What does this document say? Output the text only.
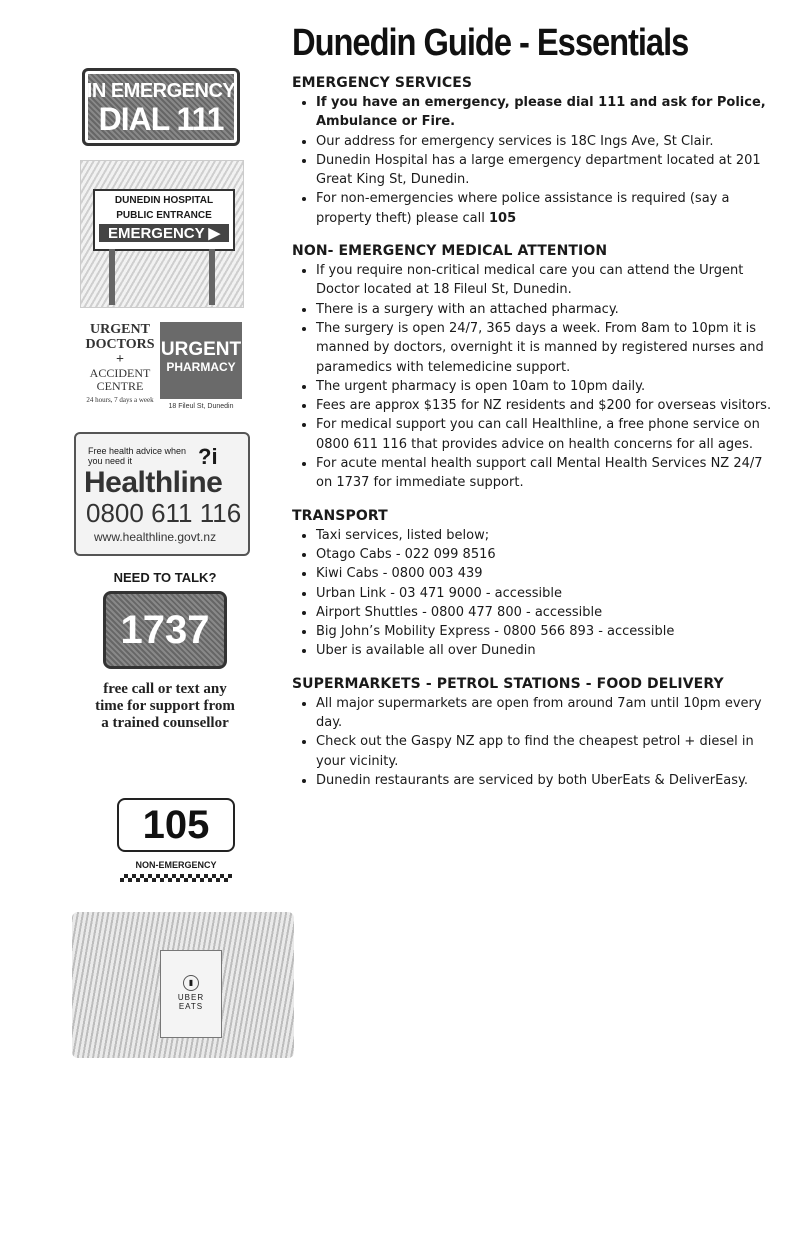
IN EMERGENCY
DIAL 111
DUNEDIN HOSPITAL
PUBLIC ENTRANCE
EMERGENCY ▶
URGENT
DOCTORS
+
ACCIDENT
CENTRE
24 hours, 7 days a week
URGENT
PHARMACY
18 Fileul St, Dunedin
Free health advice when you need it	?i
Healthline
0800 611 116
www.healthline.govt.nz
NEED TO TALK?
1737
free call or text any time for support from a trained counsellor
105
NON-EMERGENCY
▮
UBER
EATS
Dunedin Guide - Essentials
EMERGENCY SERVICES
• If you have an emergency, please dial 111 and ask for Police, Ambulance or Fire.
• Our address for emergency services is 18C Ings Ave, St Clair.
• Dunedin Hospital has a large emergency department located at 201 Great King St, Dunedin.
• For non-emergencies where police assistance is required (say a property theft) please call 105
NON- EMERGENCY MEDICAL ATTENTION
• If you require non-critical medical care you can attend the Urgent Doctor located at 18 Fileul St, Dunedin.
• There is a surgery with an attached pharmacy.
• The surgery is open 24/7, 365 days a week. From 8am to 10pm it is manned by doctors, overnight it is manned by registered nurses and paramedics with telemedicine support.
• The urgent pharmacy is open 10am to 10pm daily.
• Fees are approx $135 for NZ residents and $200 for overseas visitors.
• For medical support you can call Healthline, a free phone service on 0800 611 116 that provides advice on health concerns for all ages.
• For acute mental health support call Mental Health Services NZ 24/7 on 1737 for immediate support.
TRANSPORT
• Taxi services, listed below;
• Otago Cabs - 022 099 8516
• Kiwi Cabs - 0800 003 439
• Urban Link - 03 471 9000 - accessible
• Airport Shuttles - 0800 477 800 - accessible
• Big John’s Mobility Express - 0800 566 893 - accessible
• Uber is available all over Dunedin
SUPERMARKETS - PETROL STATIONS - FOOD DELIVERY
• All major supermarkets are open from around 7am until 10pm every day.
• Check out the Gaspy NZ app to find the cheapest petrol + diesel in your vicinity.
• Dunedin restaurants are serviced by both UberEats & DeliverEasy.
